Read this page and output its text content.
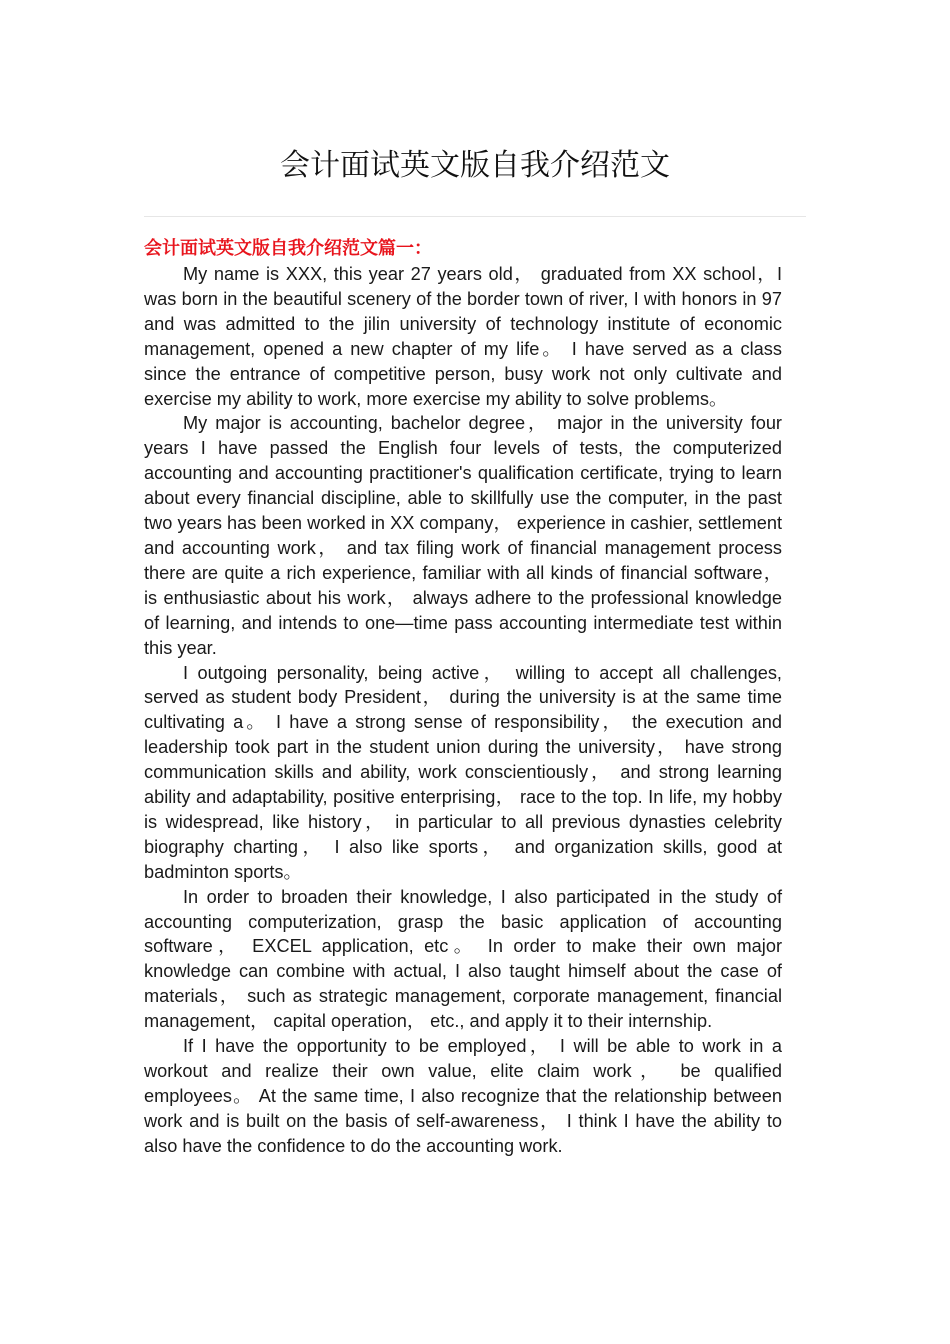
会计面试英文版自我介绍范文

会计面试英文版自我介绍范文篇一：

My name is XXX, this year 27 years old， graduated from XX school，I was born in the beautiful scenery of the border town of river, I with honors in 97 and was admitted to the jilin university of technology institute of economic management, opened a new chapter of my life。 I have served as a class since the entrance of competitive person, busy work not only cultivate and exercise my ability to work, more exercise my ability to solve problems。

My major is accounting, bachelor degree， major in the university four years I have passed the English four levels of tests, the computerized accounting and accounting practitioner's qualification certificate, trying to learn about every financial discipline, able to skillfully use the computer, in the past two years has been worked in XX company， experience in cashier, settlement and accounting work， and tax filing work of financial management process there are quite a rich experience, familiar with all kinds of financial software， is enthusiastic about his work， always adhere to the professional knowledge of learning, and intends to one—time pass accounting intermediate test within this year.

I outgoing personality, being active， willing to accept all challenges, served as student body President， during the university is at the same time cultivating a。 I have a strong sense of responsibility， the execution and leadership took part in the student union during the university， have strong communication skills and ability, work conscientiously， and strong learning ability and adaptability, positive enterprising， race to the top. In life, my hobby is widespread, like history， in particular to all previous dynasties celebrity biography charting， I also like sports， and organization skills, good at badminton sports。

In order to broaden their knowledge, I also participated in the study of accounting computerization, grasp the basic application of accounting software， EXCEL application, etc。 In order to make their own major knowledge can combine with actual, I also taught himself about the case of materials， such as strategic management, corporate management, financial management， capital operation， etc., and apply it to their internship.

If I have the opportunity to be employed， I will be able to work in a workout and realize their own value, elite claim work， be qualified employees。 At the same time, I also recognize that the relationship between work and is built on the basis of self-awareness， I think I have the ability to also have the confidence to do the accounting work.
